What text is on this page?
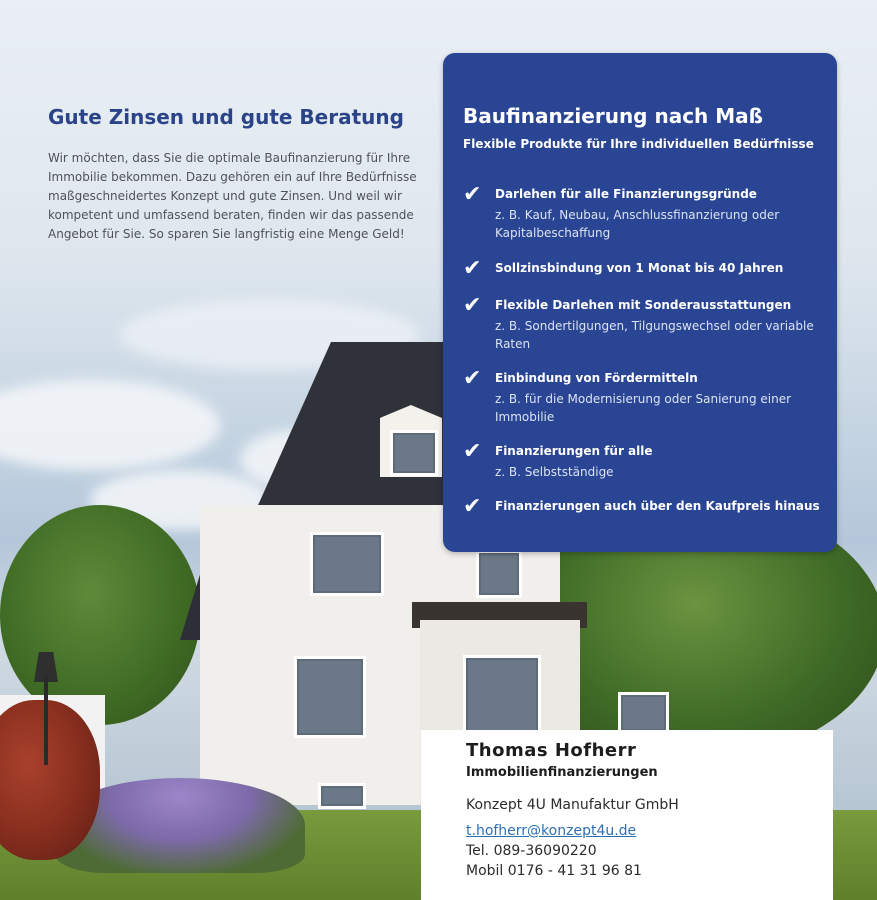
Gute Zinsen und gute Beratung

Wir möchten, dass Sie die optimale Baufinanzierung für Ihre Immobilie bekommen. Dazu gehören ein auf Ihre Bedürfnisse maßgeschneidertes Konzept und gute Zinsen. Und weil wir kompetent und umfassend beraten, finden wir das passende Angebot für Sie. So sparen Sie langfristig eine Menge Geld!

Baufinanzierung nach Maß

Flexible Produkte für Ihre individuellen Bedürfnisse

✔ Darlehen für alle Finanzierungsgründe
z. B. Kauf, Neubau, Anschlussfinanzierung oder Kapitalbeschaffung
✔ Sollzinsbindung von 1 Monat bis 40 Jahren
✔ Flexible Darlehen mit Sonderausstattungen
z. B. Sondertilgungen, Tilgungswechsel oder variable Raten
✔ Einbindung von Fördermitteln
z. B. für die Modernisierung oder Sanierung einer Immobilie
✔ Finanzierungen für alle
z. B. Selbstständige
✔ Finanzierungen auch über den Kaufpreis hinaus
Thomas Hofherr
Immobilienfinanzierungen
Konzept 4U Manufaktur GmbH
t.hofherr@konzept4u.de
Tel. 089-36090220
Mobil 0176 - 41 31 96 81
